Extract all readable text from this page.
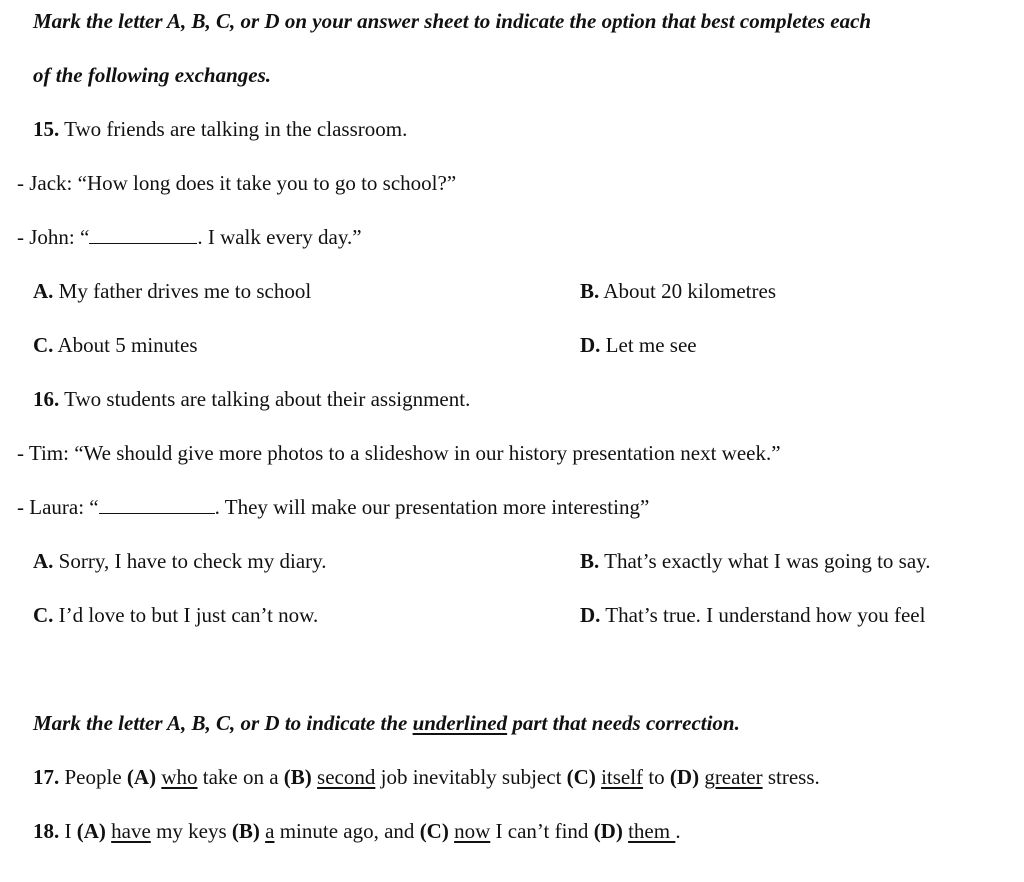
Mark the letter A, B, C, or D on your answer sheet to indicate the option that best completes each
of the following exchanges.
15. Two friends are talking in the classroom.
- Jack: “How long does it take you to go to school?”
- John: “	. I walk every day.”
A. My father drives me to school	B. About 20 kilometres
C. About 5 minutes	D. Let me see
16. Two students are talking about their assignment.
- Tim: “We should give more photos to a slideshow in our history presentation next week.”
- Laura: “	. They will make our presentation more interesting”
A. Sorry, I have to check my diary.	B. That’s exactly what I was going to say.
C. I’d love to but I just can’t now.	D. That’s true. I understand how you feel
Mark the letter A, B, C, or D to indicate the underlined part that needs correction.
17. People (A) who take on a (B) second job inevitably subject (C) itself to (D) greater stress.
18. I (A) have my keys (B) a minute ago, and (C) now I can’t find (D) them .
